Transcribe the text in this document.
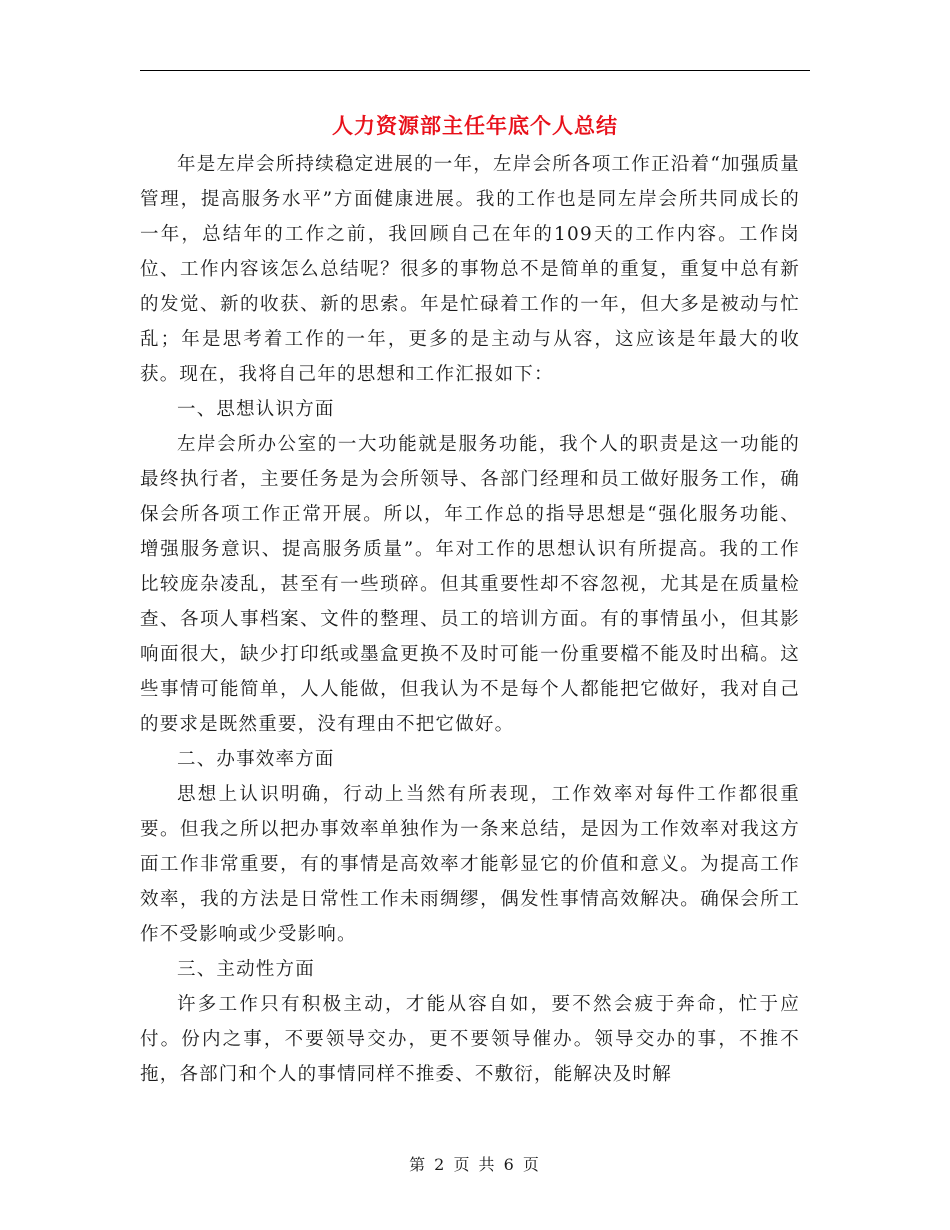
人力资源部主任年底个人总结

年是左岸会所持续稳定进展的一年，左岸会所各项工作正沿着“加强质量管理，提高服务水平”方面健康进展。我的工作也是同左岸会所共同成长的一年，总结年的工作之前，我回顾自己在年的109天的工作内容。工作岗位、工作内容该怎么总结呢？很多的事物总不是简单的重复，重复中总有新的发觉、新的收获、新的思索。年是忙碌着工作的一年，但大多是被动与忙乱；年是思考着工作的一年，更多的是主动与从容，这应该是年最大的收获。现在，我将自己年的思想和工作汇报如下：

一、思想认识方面

左岸会所办公室的一大功能就是服务功能，我个人的职责是这一功能的最终执行者，主要任务是为会所领导、各部门经理和员工做好服务工作，确保会所各项工作正常开展。所以，年工作总的指导思想是“强化服务功能、增强服务意识、提高服务质量”。年对工作的思想认识有所提高。我的工作比较庞杂凌乱，甚至有一些琐碎。但其重要性却不容忽视，尤其是在质量检查、各项人事档案、文件的整理、员工的培训方面。有的事情虽小，但其影响面很大，缺少打印纸或墨盒更换不及时可能一份重要檔不能及时出稿。这些事情可能简单，人人能做，但我认为不是每个人都能把它做好，我对自己的要求是既然重要，没有理由不把它做好。

二、办事效率方面

思想上认识明确，行动上当然有所表现，工作效率对每件工作都很重要。但我之所以把办事效率单独作为一条来总结，是因为工作效率对我这方面工作非常重要，有的事情是高效率才能彰显它的价值和意义。为提高工作效率，我的方法是日常性工作未雨绸缪，偶发性事情高效解决。确保会所工作不受影响或少受影响。

三、主动性方面

许多工作只有积极主动，才能从容自如，要不然会疲于奔命，忙于应付。份内之事，不要领导交办，更不要领导催办。领导交办的事，不推不拖，各部门和个人的事情同样不推委、不敷衍，能解决及时解

第 2 页 共 6 页
